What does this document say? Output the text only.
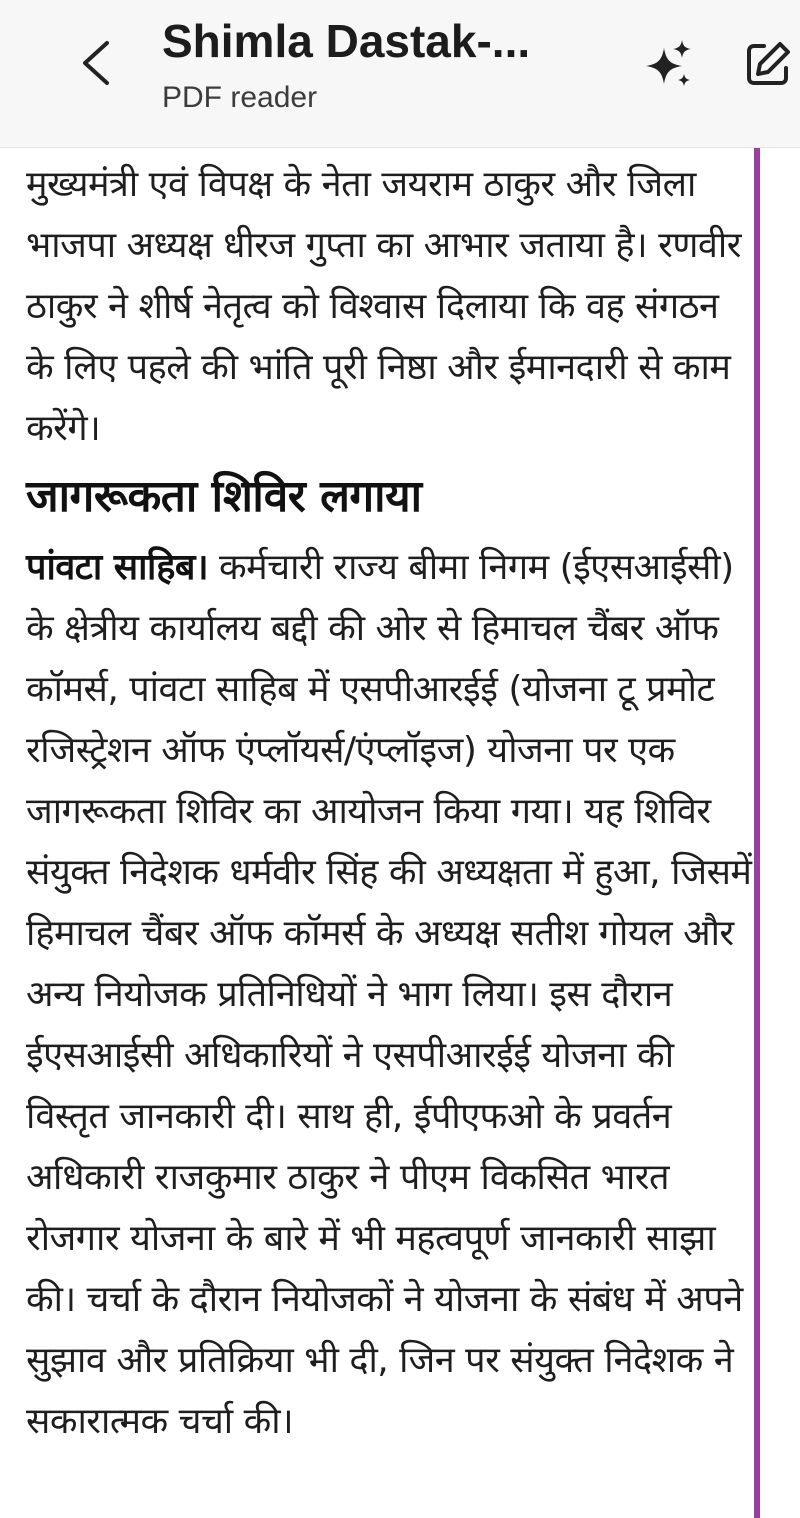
Shimla Dastak-...
PDF reader

मुख्यमंत्री एवं विपक्ष के नेता जयराम ठाकुर और जिला भाजपा अध्यक्ष धीरज गुप्ता का आभार जताया है। रणवीर ठाकुर ने शीर्ष नेतृत्व को विश्वास दिलाया कि वह संगठन के लिए पहले की भांति पूरी निष्ठा और ईमानदारी से काम करेंगे।

जागरूकता शिविर लगाया

पांवटा साहिब। कर्मचारी राज्य बीमा निगम (ईएसआईसी) के क्षेत्रीय कार्यालय बद्दी की ओर से हिमाचल चैंबर ऑफ कॉमर्स, पांवटा साहिब में एसपीआरईई (योजना टू प्रमोट रजिस्ट्रेशन ऑफ एंप्लॉयर्स/एंप्लॉइज) योजना पर एक जागरूकता शिविर का आयोजन किया गया। यह शिविर संयुक्त निदेशक धर्मवीर सिंह की अध्यक्षता में हुआ, जिसमें हिमाचल चैंबर ऑफ कॉमर्स के अध्यक्ष सतीश गोयल और अन्य नियोजक प्रतिनिधियों ने भाग लिया। इस दौरान ईएसआईसी अधिकारियों ने एसपीआरईई योजना की विस्तृत जानकारी दी। साथ ही, ईपीएफओ के प्रवर्तन अधिकारी राजकुमार ठाकुर ने पीएम विकसित भारत रोजगार योजना के बारे में भी महत्वपूर्ण जानकारी साझा की। चर्चा के दौरान नियोजकों ने योजना के संबंध में अपने सुझाव और प्रतिक्रिया भी दी, जिन पर संयुक्त निदेशक ने सकारात्मक चर्चा की।
